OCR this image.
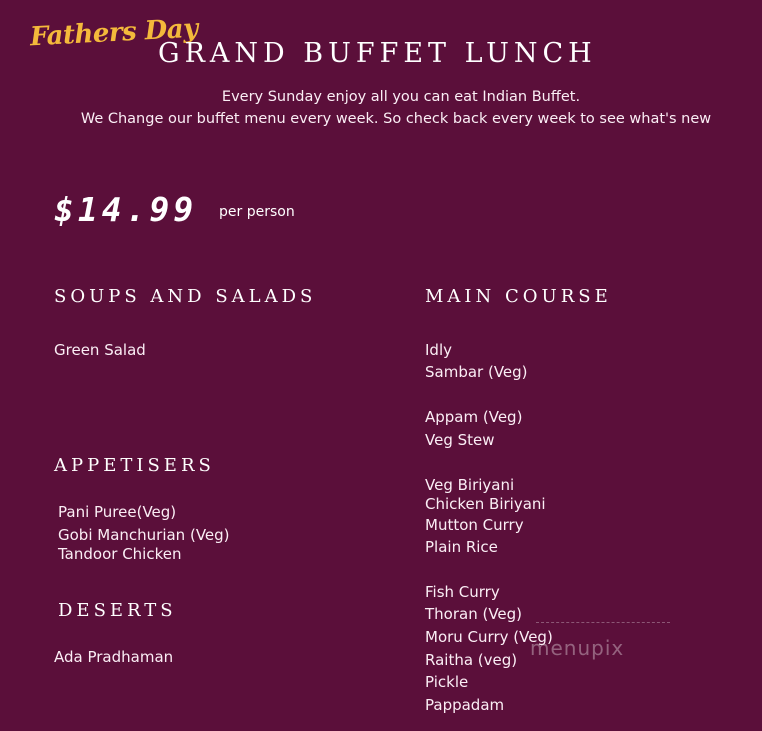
Fathers Day
GRAND BUFFET LUNCH
Every Sunday enjoy all you can eat Indian Buffet.
We Change our buffet menu every week. So check back every week to see what's new
$14.99 per person
SOUPS AND SALADS
Green Salad
APPETISERS
Pani Puree(Veg)
Gobi Manchurian (Veg)
Tandoor Chicken
DESERTS
Ada Pradhaman
MAIN COURSE
Idly
Sambar (Veg)
Appam (Veg)
Veg Stew
Veg Biriyani
Chicken Biriyani
Mutton Curry
Plain Rice
Fish Curry
Thoran (Veg)
Moru Curry (Veg)
Raitha (veg)
Pickle
Pappadam
menupix
